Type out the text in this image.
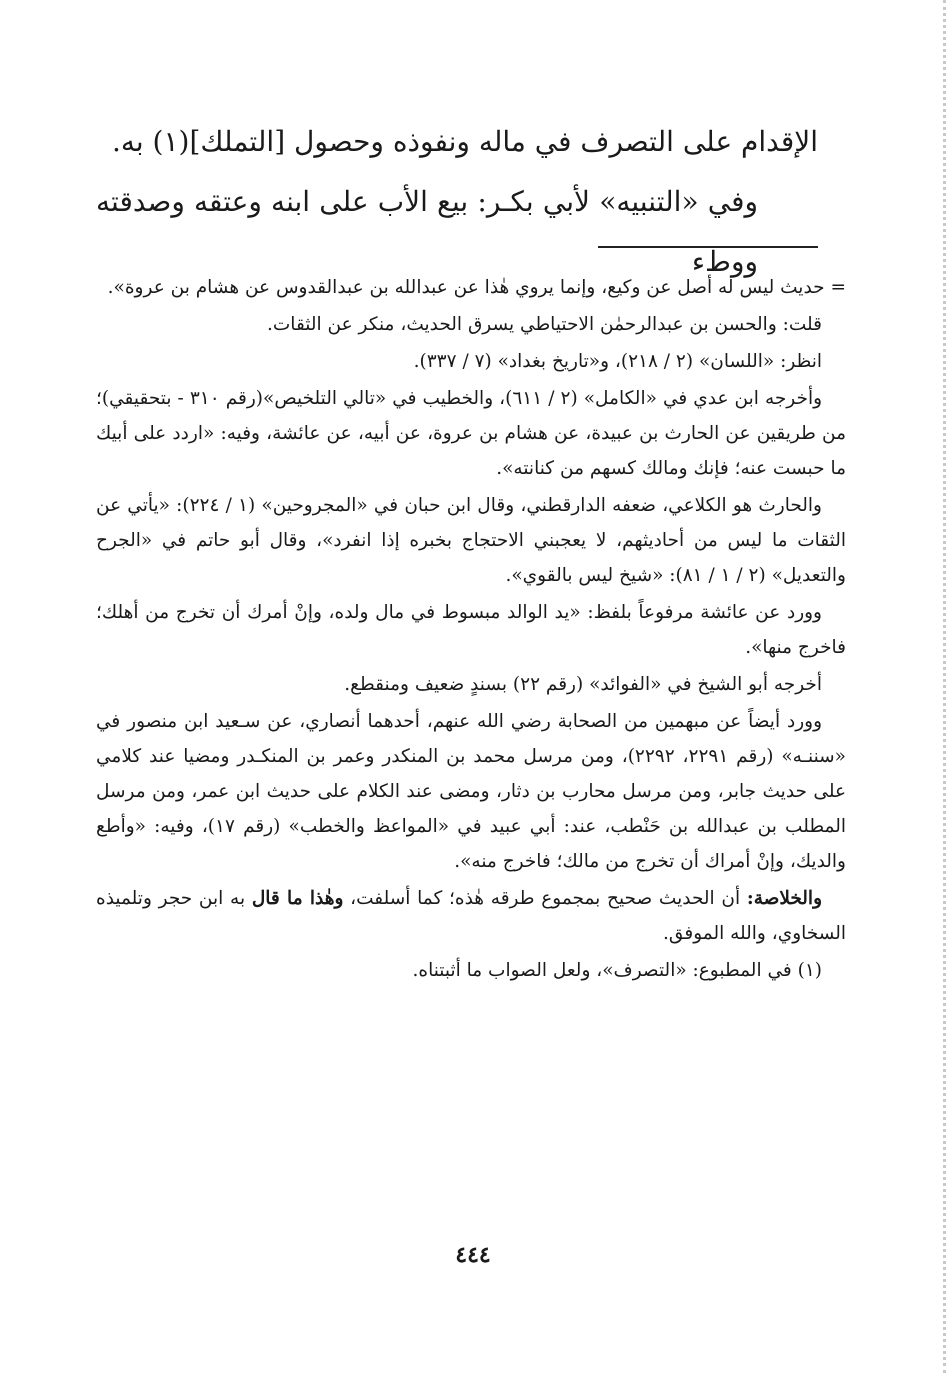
الإقدام على التصرف في ماله ونفوذه وحصول [التملك](١) به.

وفي «التنبيه» لأبي بكـر: بيع الأب على ابنه وعتقه وصدقته ووطء

= حديث ليس له أصل عن وكيع، وإنما يروي هٰذا عن عبدالله بن عبدالقدوس عن هشام بن عروة».

قلت: والحسن بن عبدالرحمٰن الاحتياطي يسرق الحديث، منكر عن الثقات.

انظر: «اللسان» (٢ / ٢١٨)، و«تاريخ بغداد» (٧ / ٣٣٧).

وأخرجه ابن عدي في «الكامل» (٢ / ٦١١)، والخطيب في «تالي التلخيص»(رقم ٣١٠ - بتحقيقي)؛ من طريقين عن الحارث بن عبيدة، عن هشام بن عروة، عن أبيه، عن عائشة، وفيه: «اردد على أبيك ما حبست عنه؛ فإنك ومالك كسهم من كنانته».

والحارث هو الكلاعي، ضعفه الدارقطني، وقال ابن حبان في «المجروحين» (١ / ٢٢٤): «يأتي عن الثقات ما ليس من أحاديثهم، لا يعجبني الاحتجاج بخبره إذا انفرد»، وقال أبو حاتم في «الجرح والتعديل» (٢ / ١ / ٨١): «شيخ ليس بالقوي».

وورد عن عائشة مرفوعاً بلفظ: «يد الوالد مبسوط في مال ولده، وإنْ أمرك أن تخرج من أهلك؛ فاخرج منها».

أخرجه أبو الشيخ في «الفوائد» (رقم ٢٢) بسندٍ ضعيف ومنقطع.

وورد أيضاً عن مبهمين من الصحابة رضي الله عنهم، أحدهما أنصاري، عن سـعيد ابن منصور في «سننـه» (رقم ٢٢٩١، ٢٢٩٢)، ومن مرسل محمد بن المنكدر وعمر بن المنكـدر ومضيا عند كلامي على حديث جابر، ومن مرسل محارب بن دثار، ومضى عند الكلام على حديث ابن عمر، ومن مرسل المطلب بن عبدالله بن حَنْطب، عند: أبي عبيد في «المواعظ والخطب» (رقم ١٧)، وفيه: «وأطع والديك، وإنْ أمراك أن تخرج من مالك؛ فاخرج منه».

والخلاصة: أن الحديث صحيح بمجموع طرقه هٰذه؛ كما أسلفت، وهٰذا ما قال به ابن حجر وتلميذه السخاوي، والله الموفق.

(١) في المطبوع: «التصرف»، ولعل الصواب ما أثبتناه.

٤٤٤
